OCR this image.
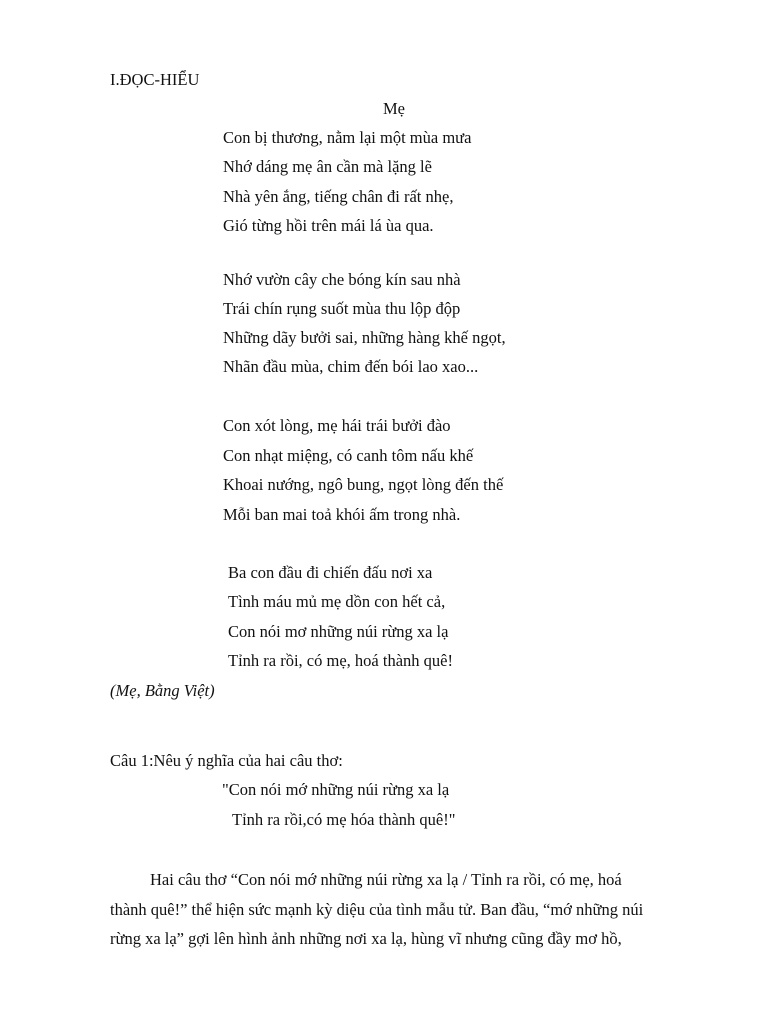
I.ĐỌC-HIỂU
Mẹ
Con bị thương, nằm lại một mùa mưa
Nhớ dáng mẹ ân cần mà lặng lẽ
Nhà yên ắng, tiếng chân đi rất nhẹ,
Gió từng hồi trên mái lá ùa qua.
Nhớ vườn cây che bóng kín sau nhà
Trái chín rụng suốt mùa thu lộp độp
Những dãy bưởi sai, những hàng khế ngọt,
Nhãn đầu mùa, chim đến bói lao xao...
Con xót lòng, mẹ hái trái bưởi đào
Con nhạt miệng, có canh tôm nấu khế
Khoai nướng, ngô bung, ngọt lòng đến thế
Mỗi ban mai toả khói ấm trong nhà.
Ba con đầu đi chiến đấu nơi xa
Tình máu mủ mẹ dồn con hết cả,
Con nói mơ những núi rừng xa lạ
Tỉnh ra rồi, có mẹ, hoá thành quê!
(Mẹ, Bằng Việt)
Câu 1:Nêu ý nghĩa của hai câu thơ:
"Con nói mớ những núi rừng xa lạ
Tỉnh ra rồi,có mẹ hóa thành quê!"
Hai câu thơ “Con nói mớ những núi rừng xa lạ / Tỉnh ra rồi, có mẹ, hoá
thành quê!” thể hiện sức mạnh kỳ diệu của tình mẫu tử. Ban đầu, “mớ những núi
rừng xa lạ” gợi lên hình ảnh những nơi xa lạ, hùng vĩ nhưng cũng đầy mơ hồ,
